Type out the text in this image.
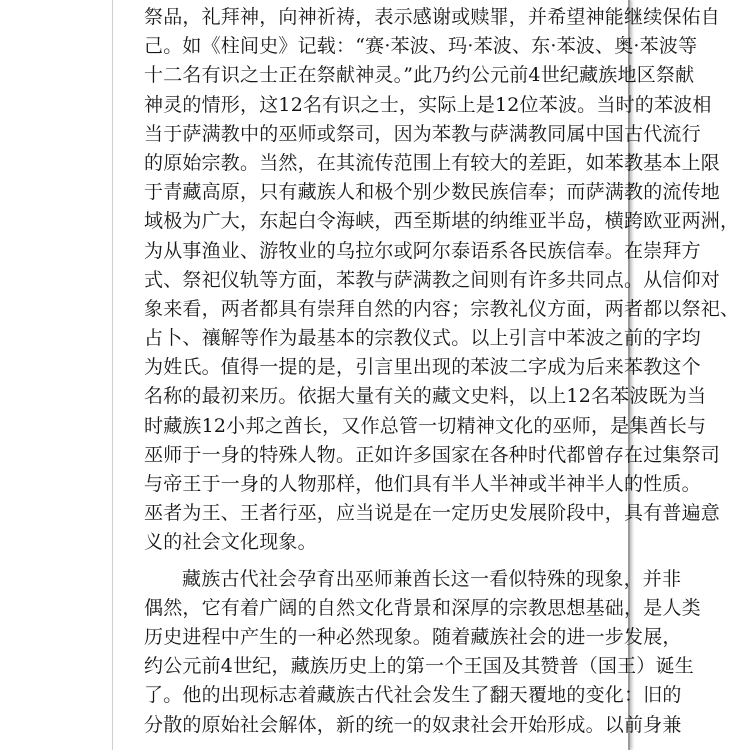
祭品，礼拜神，向神祈祷，表示感谢或赎罪，并希望神能继续保佑自
己。如《柱间史》记载：“赛·苯波、玛·苯波、东·苯波、奥·苯波等
十二名有识之士正在祭献神灵。”此乃约公元前4世纪藏族地区祭献
神灵的情形，这12名有识之士，实际上是12位苯波。当时的苯波相
当于萨满教中的巫师或祭司，因为苯教与萨满教同属中国古代流行
的原始宗教。当然，在其流传范围上有较大的差距，如苯教基本上限
于青藏高原，只有藏族人和极个别少数民族信奉；而萨满教的流传地
域极为广大，东起白令海峡，西至斯堪的纳维亚半岛，横跨欧亚两洲，
为从事渔业、游牧业的乌拉尔或阿尔泰语系各民族信奉。在崇拜方
式、祭祀仪轨等方面，苯教与萨满教之间则有许多共同点。从信仰对
象来看，两者都具有崇拜自然的内容；宗教礼仪方面，两者都以祭祀、
占卜、禳解等作为最基本的宗教仪式。以上引言中苯波之前的字均
为姓氏。值得一提的是，引言里出现的苯波二字成为后来苯教这个
名称的最初来历。依据大量有关的藏文史料，以上12名苯波既为当
时藏族12小邦之酋长，又作总管一切精神文化的巫师，是集酋长与
巫师于一身的特殊人物。正如许多国家在各种时代都曾存在过集祭司
与帝王于一身的人物那样，他们具有半人半神或半神半人的性质。
巫者为王、王者行巫，应当说是在一定历史发展阶段中，具有普遍意
义的社会文化现象。
藏族古代社会孕育出巫师兼酋长这一看似特殊的现象，并非
偶然，它有着广阔的自然文化背景和深厚的宗教思想基础，是人类
历史进程中产生的一种必然现象。随着藏族社会的进一步发展，
约公元前4世纪，藏族历史上的第一个王国及其赞普（国王）诞生
了。他的出现标志着藏族古代社会发生了翻天覆地的变化：旧的
分散的原始社会解体，新的统一的奴隶社会开始形成。以前身兼
